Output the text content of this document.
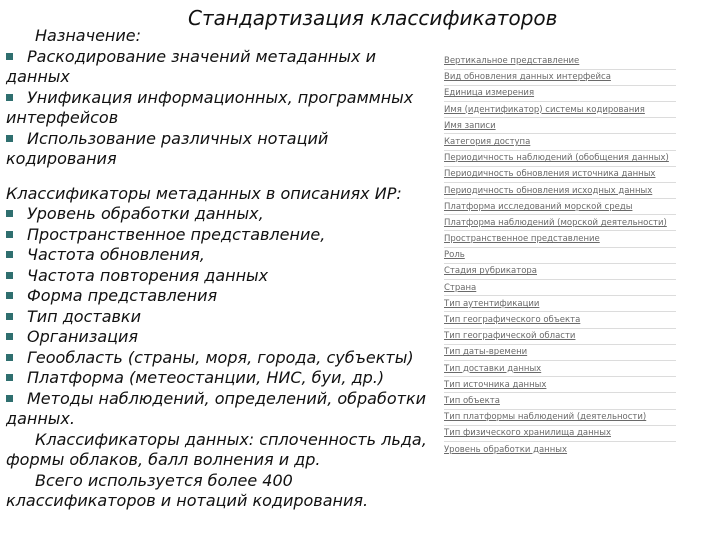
Стандартизация классификаторов
Назначение:
Раскодирование значений метаданных и
данных
Унификация информационных, программных
интерфейсов
Использование различных нотаций
кодирования
Классификаторы метаданных в описаниях ИР:
Уровень обработки данных,
Пространственное представление,
Частота обновления,
Частота повторения данных
Форма представления
Тип доставки
Организация
Геообласть (страны, моря, города, субъекты)
Платформа (метеостанции, НИС, буи, др.)
Методы наблюдений, определений, обработки
данных.
Классификаторы данных: сплоченность льда,
формы облаков, балл волнения и др.
Всего используется более 400
классификаторов и нотаций кодирования.
Вертикальное представление
Вид обновления данных интерфейса
Единица измерения
Имя (идентификатор) системы кодирования
Имя записи
Категория доступа
Периодичность наблюдений (обобщения данных)
Периодичность обновления источника данных
Периодичность обновления исходных данных
Платформа исследований морской среды
Платформа наблюдений (морской деятельности)
Пространственное представление
Роль
Стадия рубрикатора
Страна
Тип аутентификации
Тип географического объекта
Тип географической области
Тип даты-времени
Тип доставки данных
Тип источника данных
Тип объекта
Тип платформы наблюдений (деятельности)
Тип физического хранилища данных
Уровень обработки данных
